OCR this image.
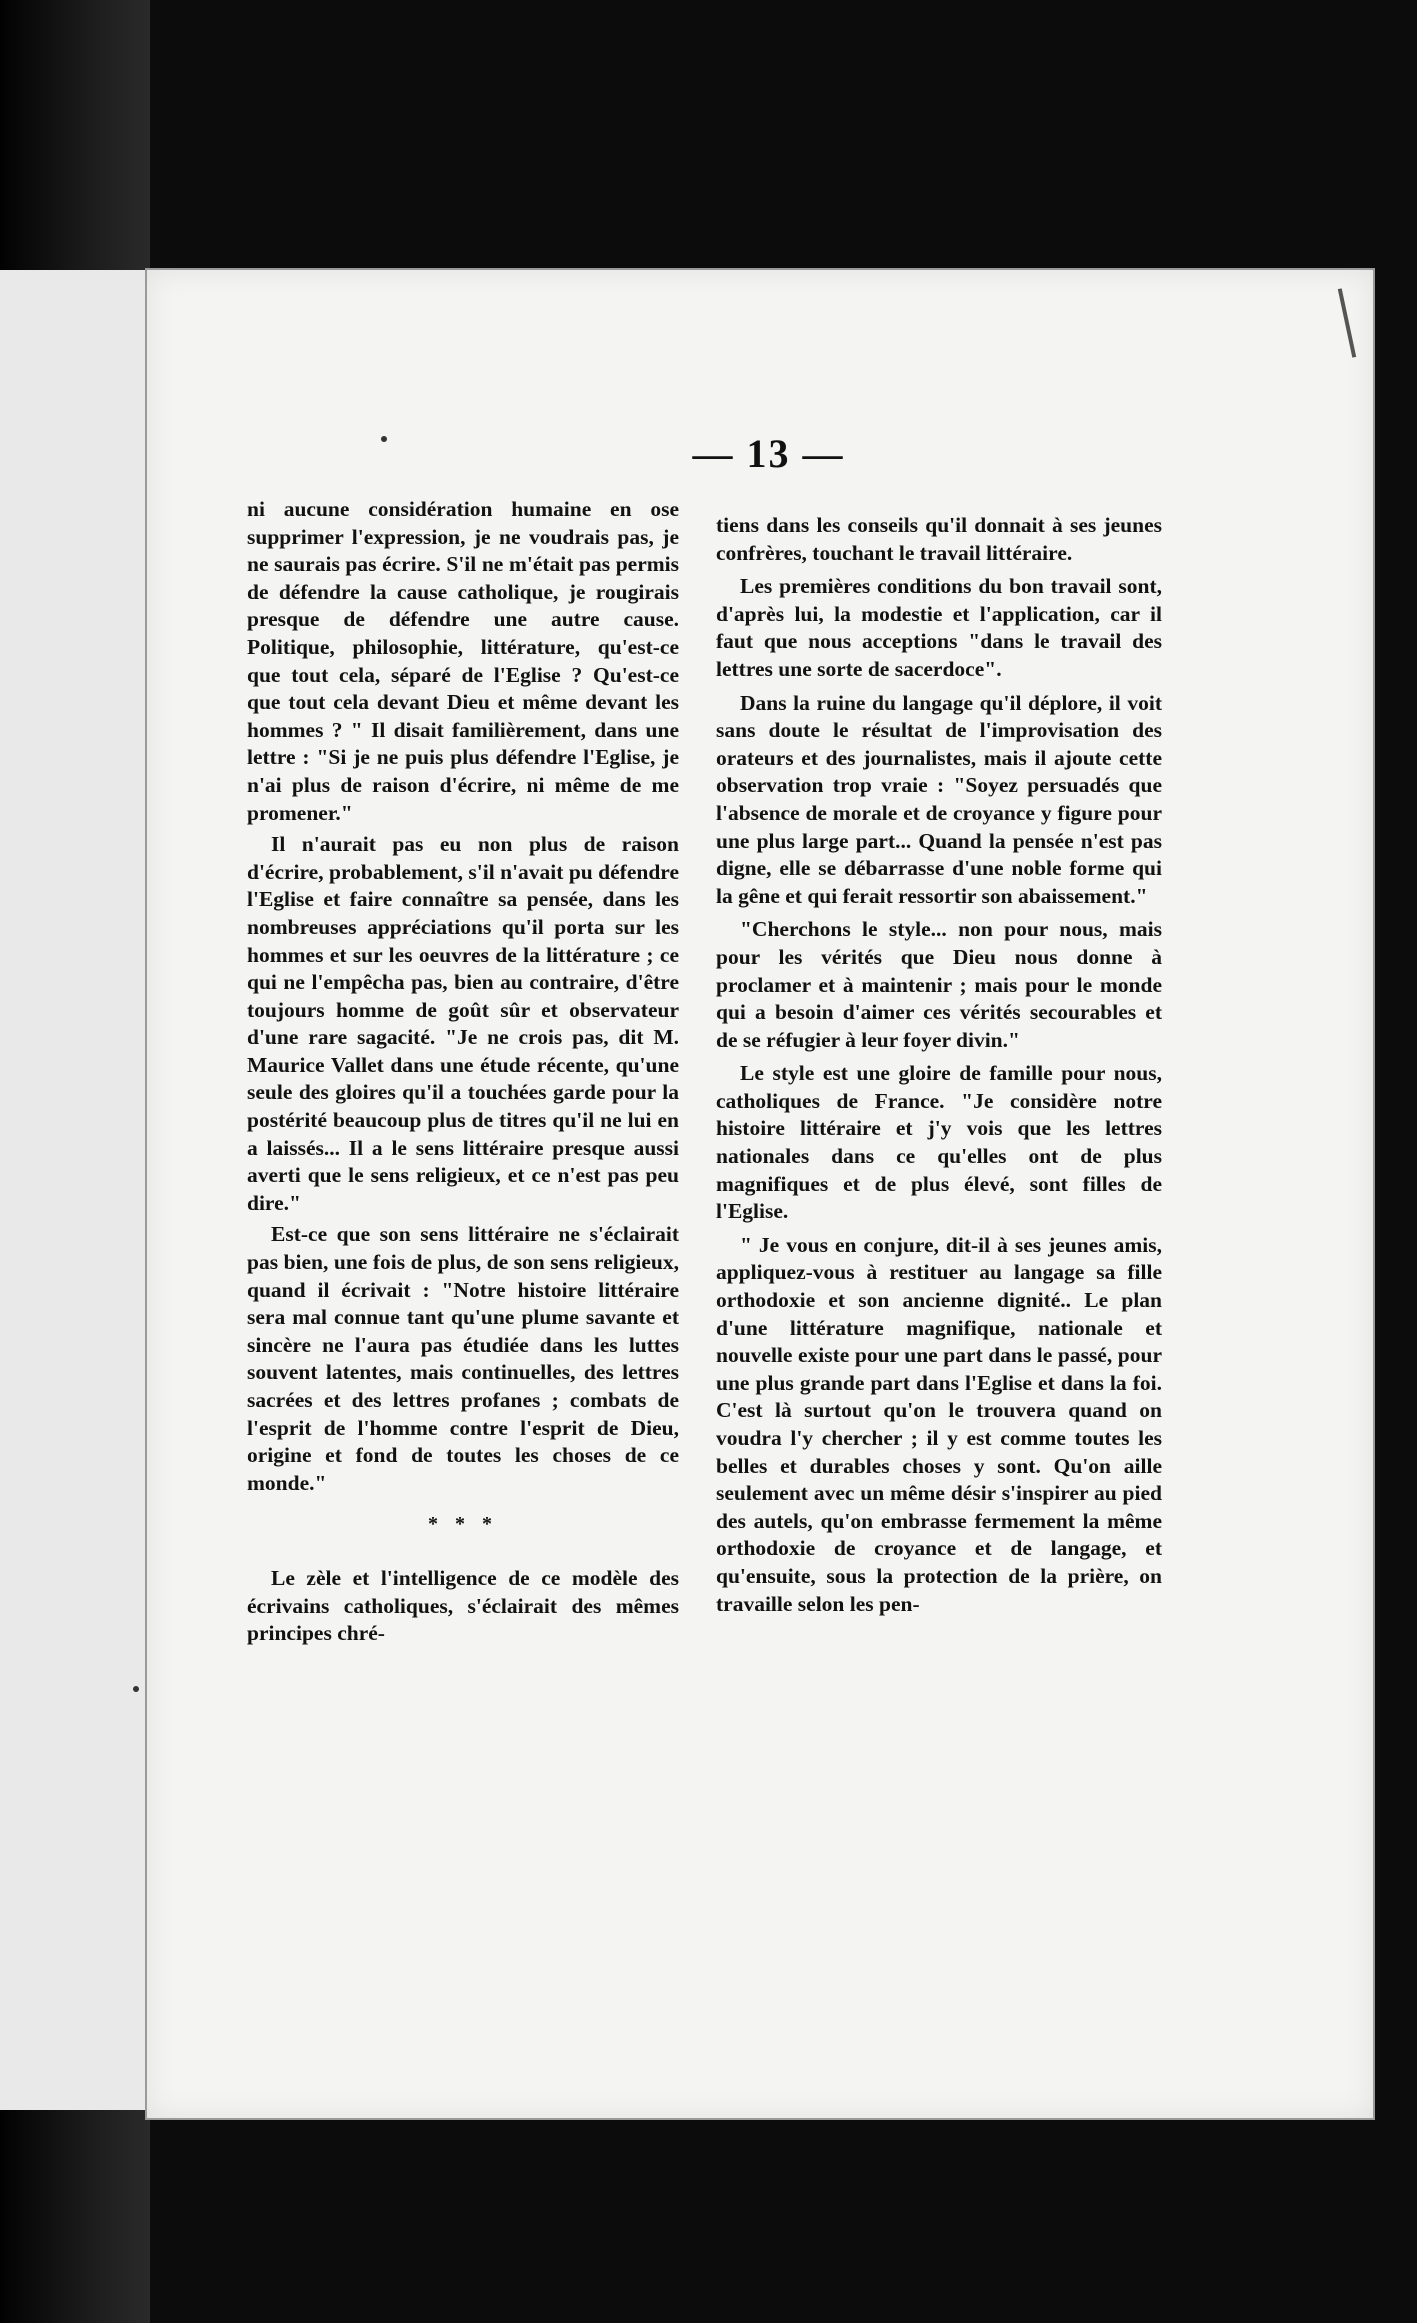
— 13 —

ni aucune considération humaine en ose supprimer l'expression, je ne voudrais pas, je ne saurais pas écrire. S'il ne m'était pas permis de défendre la cause catholique, je rougirais presque de défendre une autre cause. Politique, philosophie, littérature, qu'est-ce que tout cela, séparé de l'Eglise ? Qu'est-ce que tout cela devant Dieu et même devant les hommes ? " Il disait familièrement, dans une lettre : "Si je ne puis plus défendre l'Eglise, je n'ai plus de raison d'écrire, ni même de me promener."

Il n'aurait pas eu non plus de raison d'écrire, probablement, s'il n'avait pu défendre l'Eglise et faire connaître sa pensée, dans les nombreuses appréciations qu'il porta sur les hommes et sur les oeuvres de la littérature ; ce qui ne l'empêcha pas, bien au contraire, d'être toujours homme de goût sûr et observateur d'une rare sagacité. "Je ne crois pas, dit M. Maurice Vallet dans une étude récente, qu'une seule des gloires qu'il a touchées garde pour la postérité beaucoup plus de titres qu'il ne lui en a laissés... Il a le sens littéraire presque aussi averti que le sens religieux, et ce n'est pas peu dire."

Est-ce que son sens littéraire ne s'éclairait pas bien, une fois de plus, de son sens religieux, quand il écrivait : "Notre histoire littéraire sera mal connue tant qu'une plume savante et sincère ne l'aura pas étudiée dans les luttes souvent latentes, mais continuelles, des lettres sacrées et des lettres profanes ; combats de l'esprit de l'homme contre l'esprit de Dieu, origine et fond de toutes les choses de ce monde."

* * *

Le zèle et l'intelligence de ce modèle des écrivains catholiques, s'éclairait des mêmes principes chré-

tiens dans les conseils qu'il donnait à ses jeunes confrères, touchant le travail littéraire.

Les premières conditions du bon travail sont, d'après lui, la modestie et l'application, car il faut que nous acceptions "dans le travail des lettres une sorte de sacerdoce".

Dans la ruine du langage qu'il déplore, il voit sans doute le résultat de l'improvisation des orateurs et des journalistes, mais il ajoute cette observation trop vraie : "Soyez persuadés que l'absence de morale et de croyance y figure pour une plus large part... Quand la pensée n'est pas digne, elle se débarrasse d'une noble forme qui la gêne et qui ferait ressortir son abaissement."

"Cherchons le style... non pour nous, mais pour les vérités que Dieu nous donne à proclamer et à maintenir ; mais pour le monde qui a besoin d'aimer ces vérités secourables et de se réfugier à leur foyer divin."

Le style est une gloire de famille pour nous, catholiques de France. "Je considère notre histoire littéraire et j'y vois que les lettres nationales dans ce qu'elles ont de plus magnifiques et de plus élevé, sont filles de l'Eglise.

" Je vous en conjure, dit-il à ses jeunes amis, appliquez-vous à restituer au langage sa fille orthodoxie et son ancienne dignité.. Le plan d'une littérature magnifique, nationale et nouvelle existe pour une part dans le passé, pour une plus grande part dans l'Eglise et dans la foi. C'est là surtout qu'on le trouvera quand on voudra l'y chercher ; il y est comme toutes les belles et durables choses y sont. Qu'on aille seulement avec un même désir s'inspirer au pied des autels, qu'on embrasse fermement la même orthodoxie de croyance et de langage, et qu'ensuite, sous la protection de la prière, on travaille selon les pen-
